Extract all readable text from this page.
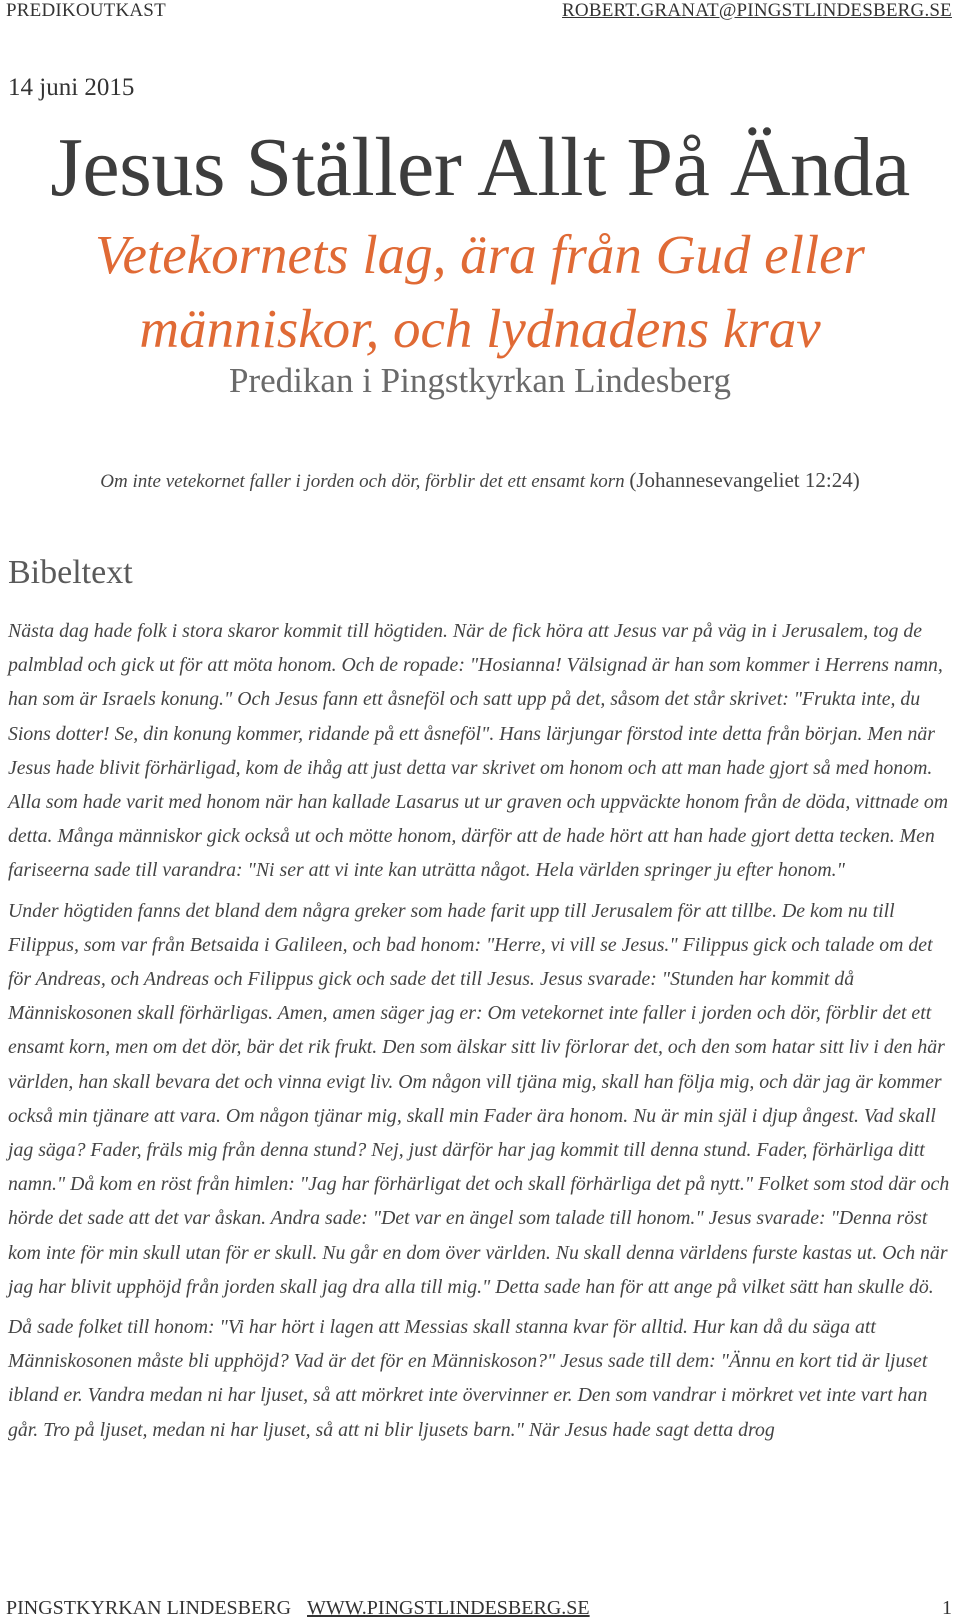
PREDIKOUTKAST	ROBERT.GRANAT@PINGSTLINDESBERG.SE
14 juni 2015
Jesus Ställer Allt På Ända
Vetekornets lag, ära från Gud eller människor, och lydnadens krav
Predikan i Pingstkyrkan Lindesberg
Om inte vetekornet faller i jorden och dör, förblir det ett ensamt korn (Johannesevangeliet 12:24)
Bibeltext

Nästa dag hade folk i stora skaror kommit till högtiden. När de fick höra att Jesus var på väg in i Jerusalem, tog de palmblad och gick ut för att möta honom. Och de ropade: "Hosianna! Välsignad är han som kommer i Herrens namn, han som är Israels konung." Och Jesus fann ett åsneföl och satt upp på det, såsom det står skrivet: "Frukta inte, du Sions dotter! Se, din konung kommer, ridande på ett åsneföl". Hans lärjungar förstod inte detta från början. Men när Jesus hade blivit förhärligad, kom de ihåg att just detta var skrivet om honom och att man hade gjort så med honom. Alla som hade varit med honom när han kallade Lasarus ut ur graven och uppväckte honom från de döda, vittnade om detta. Många människor gick också ut och mötte honom, därför att de hade hört att han hade gjort detta tecken. Men fariseerna sade till varandra: "Ni ser att vi inte kan uträtta något. Hela världen springer ju efter honom."

Under högtiden fanns det bland dem några greker som hade farit upp till Jerusalem för att tillbe. De kom nu till Filippus, som var från Betsaida i Galileen, och bad honom: "Herre, vi vill se Jesus." Filippus gick och talade om det för Andreas, och Andreas och Filippus gick och sade det till Jesus. Jesus svarade: "Stunden har kommit då Människosonen skall förhärligas. Amen, amen säger jag er: Om vetekornet inte faller i jorden och dör, förblir det ett ensamt korn, men om det dör, bär det rik frukt. Den som älskar sitt liv förlorar det, och den som hatar sitt liv i den här världen, han skall bevara det och vinna evigt liv. Om någon vill tjäna mig, skall han följa mig, och där jag är kommer också min tjänare att vara. Om någon tjänar mig, skall min Fader ära honom. Nu är min själ i djup ångest. Vad skall jag säga? Fader, fräls mig från denna stund? Nej, just därför har jag kommit till denna stund. Fader, förhärliga ditt namn." Då kom en röst från himlen: "Jag har förhärligat det och skall förhärliga det på nytt." Folket som stod där och hörde det sade att det var åskan. Andra sade: "Det var en ängel som talade till honom." Jesus svarade: "Denna röst kom inte för min skull utan för er skull. Nu går en dom över världen. Nu skall denna världens furste kastas ut. Och när jag har blivit upphöjd från jorden skall jag dra alla till mig." Detta sade han för att ange på vilket sätt han skulle dö.

Då sade folket till honom: "Vi har hört i lagen att Messias skall stanna kvar för alltid. Hur kan då du säga att Människosonen måste bli upphöjd? Vad är det för en Människoson?" Jesus sade till dem: "Ännu en kort tid är ljuset ibland er. Vandra medan ni har ljuset, så att mörkret inte övervinner er. Den som vandrar i mörkret vet inte vart han går. Tro på ljuset, medan ni har ljuset, så att ni blir ljusets barn." När Jesus hade sagt detta drog

PINGSTKYRKAN LINDESBERG WWW.PINGSTLINDESBERG.SE	1
